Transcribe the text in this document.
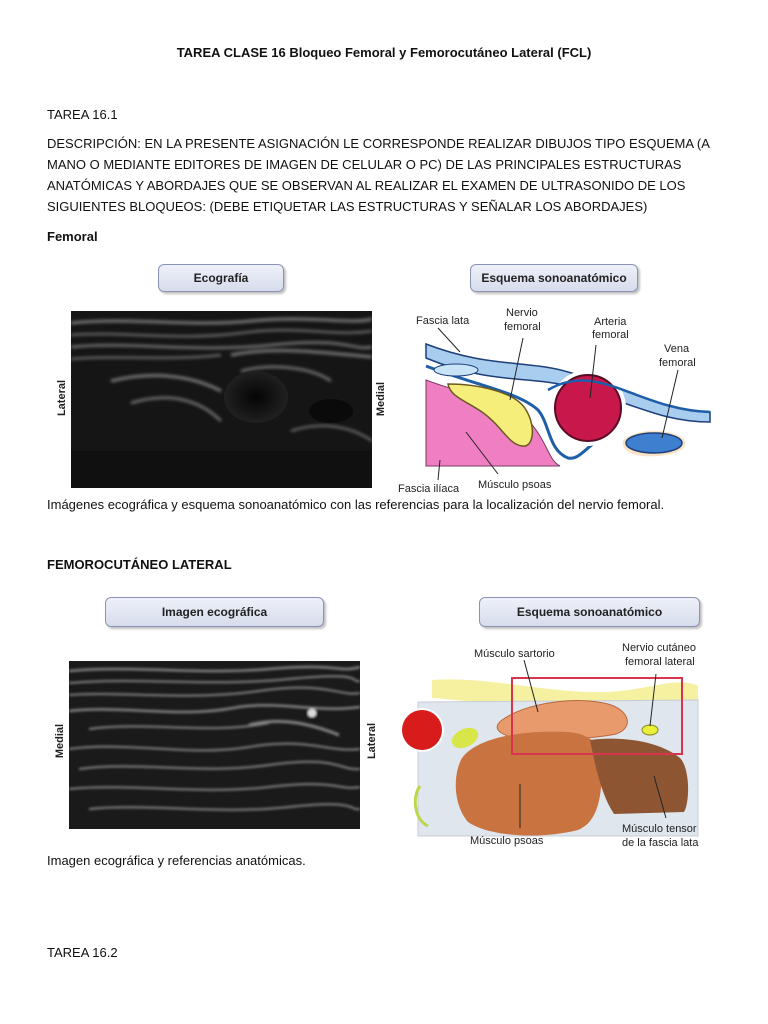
TAREA CLASE 16 Bloqueo Femoral y Femorocutáneo Lateral (FCL)
TAREA 16.1
DESCRIPCIÓN: EN LA PRESENTE ASIGNACIÓN LE CORRESPONDE REALIZAR DIBUJOS TIPO ESQUEMA (A MANO O MEDIANTE EDITORES DE IMAGEN DE CELULAR O PC) DE LAS PRINCIPALES ESTRUCTURAS ANATÓMICAS Y ABORDAJES QUE SE OBSERVAN AL REALIZAR EL EXAMEN DE ULTRASONIDO DE LOS SIGUIENTES BLOQUEOS: (DEBE ETIQUETAR LAS ESTRUCTURAS Y SEÑALAR LOS ABORDAJES)
Femoral
Ecografía
Lateral	Medial
Esquema sonoanatómico
Fascia lata
Nervio
femoral	Arteria
femoral
Vena
femoral
Fascia ilíaca Músculo psoas
Imágenes ecográfica y esquema sonoanatómico con las referencias para la localización del nervio femoral.
FEMOROCUTÁNEO LATERAL
Imagen ecográfica
Medial	Lateral
Esquema sonoanatómico
Músculo sartorio	Nervio cutáneo
femoral lateral
Músculo psoas
Músculo tensor
de la fascia lata
Imagen ecográfica y referencias anatómicas.
TAREA 16.2
